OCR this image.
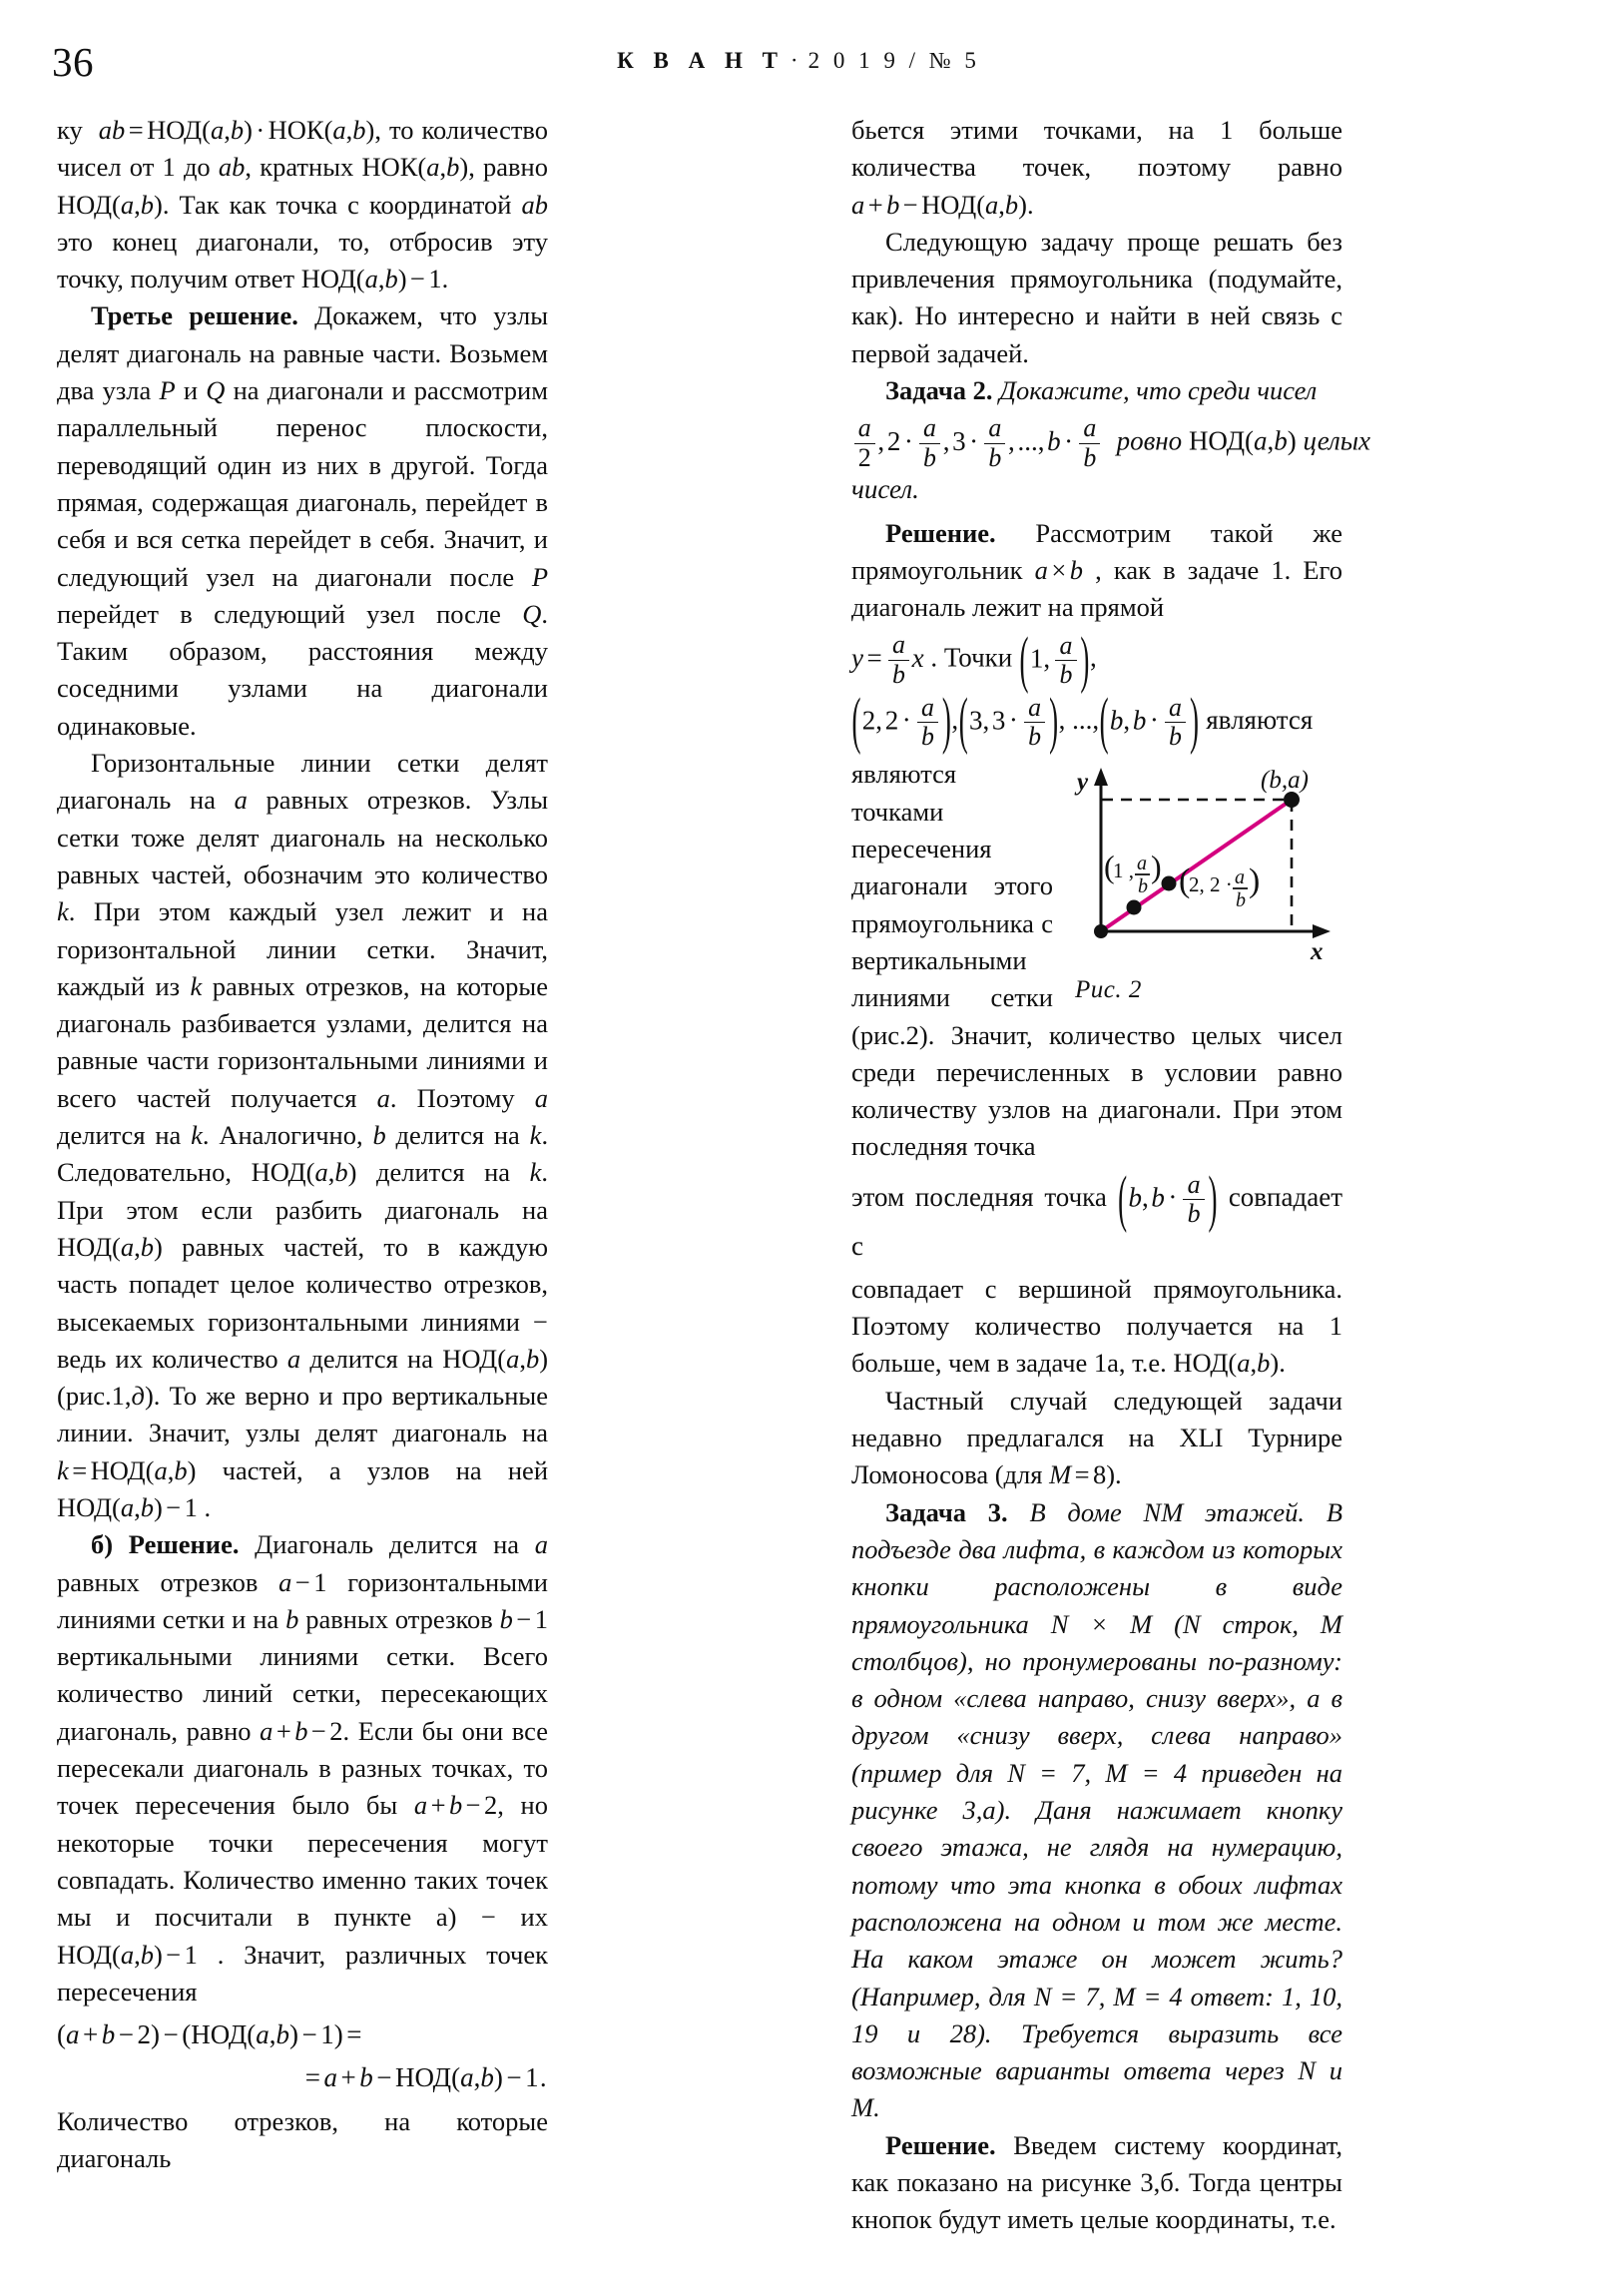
36	К В А Н Т · 2 0 1 9 / № 5

ку ab = НОД(a,b) · НОК(a,b), то количество чисел от 1 до ab, кратных НОК(a,b), равно НОД(a,b). Так как точка с координатой ab это конец диагонали, то, отбросив эту точку, получим ответ НОД(a,b) − 1.

Третье решение. Докажем, что узлы делят диагональ на равные части. Возьмем два узла P и Q на диагонали и рассмотрим параллельный перенос плоскости, переводящий один из них в другой. Тогда прямая, содержащая диагональ, перейдет в себя и вся сетка перейдет в себя. Значит, и следующий узел на диагонали после P перейдет в следующий узел после Q. Таким образом, расстояния между соседними узлами на диагонали одинаковые.

Горизонтальные линии сетки делят диагональ на a равных отрезков. Узлы сетки тоже делят диагональ на несколько равных частей, обозначим это количество k. При этом каждый узел лежит и на горизонтальной линии сетки. Значит, каждый из k равных отрезков, на которые диагональ разбивается узлами, делится на равные части горизонтальными линиями и всего частей получается a. Поэтому a делится на k. Аналогично, b делится на k. Следовательно, НОД(a,b) делится на k. При этом если разбить диагональ на НОД(a,b) равных частей, то в каждую часть попадет целое количество отрезков, высекаемых горизонтальными линиями − ведь их количество a делится на НОД(a,b) (рис.1,д). То же верно и про вертикальные линии. Значит, узлы делят диагональ на k = НОД(a,b) частей, а узлов на ней НОД(a,b) − 1 .

б) Решение. Диагональ делится на a равных отрезков a − 1 горизонтальными линиями сетки и на b равных отрезков b − 1 вертикальными линиями сетки. Всего количество линий сетки, пересекающих диагональ, равно a + b − 2. Если бы они все пересекали диагональ в разных точках, то точек пересечения было бы a + b − 2, но некоторые точки пересечения могут совпадать. Количество именно таких точек мы и посчитали в пункте а) − их НОД(a,b) − 1 . Значит, различных точек пересечения

(a + b − 2) − (НОД(a,b) − 1) =

= a + b − НОД(a,b) − 1.

Количество отрезков, на которые диагональ

бьется этими точками, на 1 больше количества точек, поэтому равно a + b − НОД(a,b).

Следующую задачу проще решать без привлечения прямоугольника (подумайте, как). Но интересно и найти в ней связь с первой задачей.

Задача 2. Докажите, что среди чисел

$\frac{a}{2} ,2 \cdot \frac{a}{b} ,3 \cdot \frac{a}{b} ,...,b \cdot \frac{a}{b}$ ровно НОД(a,b) целых чисел.

Решение. Рассмотрим такой же прямоугольник a × b , как в задаче 1. Его диагональ лежит на прямой

$y = \frac{a}{b}$ x . Точки ( 1, $\frac{a}{b}$
) ,

( $2,2 \cdot \frac{a}{b}$
) , ( $3,3 \cdot \frac{a}{b}$
) , ..., ( $b,b \cdot \frac{a}{b}$
) являются

y
x
(b,a)
(
1 , a
b
) (
2, 2 · a
b
)
Рис. 2

являются точками пересечения диагонали этого прямоугольника с вертикальными линиями сетки (рис.2). Значит, количество целых чисел среди перечисленных в условии равно количеству узлов на диагонали. При этом последняя точка

этом последняя точка ( $b,b \cdot \frac{a}{b}$
) совпадает с

совпадает с вершиной прямоугольника. Поэтому количество получается на 1 больше, чем в задаче 1а, т.е. НОД(a,b).

Частный случай следующей задачи недавно предлагался на XLI Турнире Ломоносова (для M = 8).

Задача 3. В доме NM этажей. В подъезде два лифта, в каждом из которых кнопки расположены в виде прямоугольника N × M (N строк, M столбцов), но пронумерованы по-разному: в одном «слева направо, снизу вверх», а в другом «снизу вверх, слева направо» (пример для N = 7, M = 4 приведен на рисунке 3,а). Даня нажимает кнопку своего этажа, не глядя на нумерацию, потому что эта кнопка в обоих лифтах расположена на одном и том же месте. На каком этаже он может жить? (Например, для N = 7, M = 4 ответ: 1, 10, 19 и 28). Требуется выразить все возможные варианты ответа через N и M.

Решение. Введем систему координат, как показано на рисунке 3,б. Тогда центры кнопок будут иметь целые координаты, т.е.
